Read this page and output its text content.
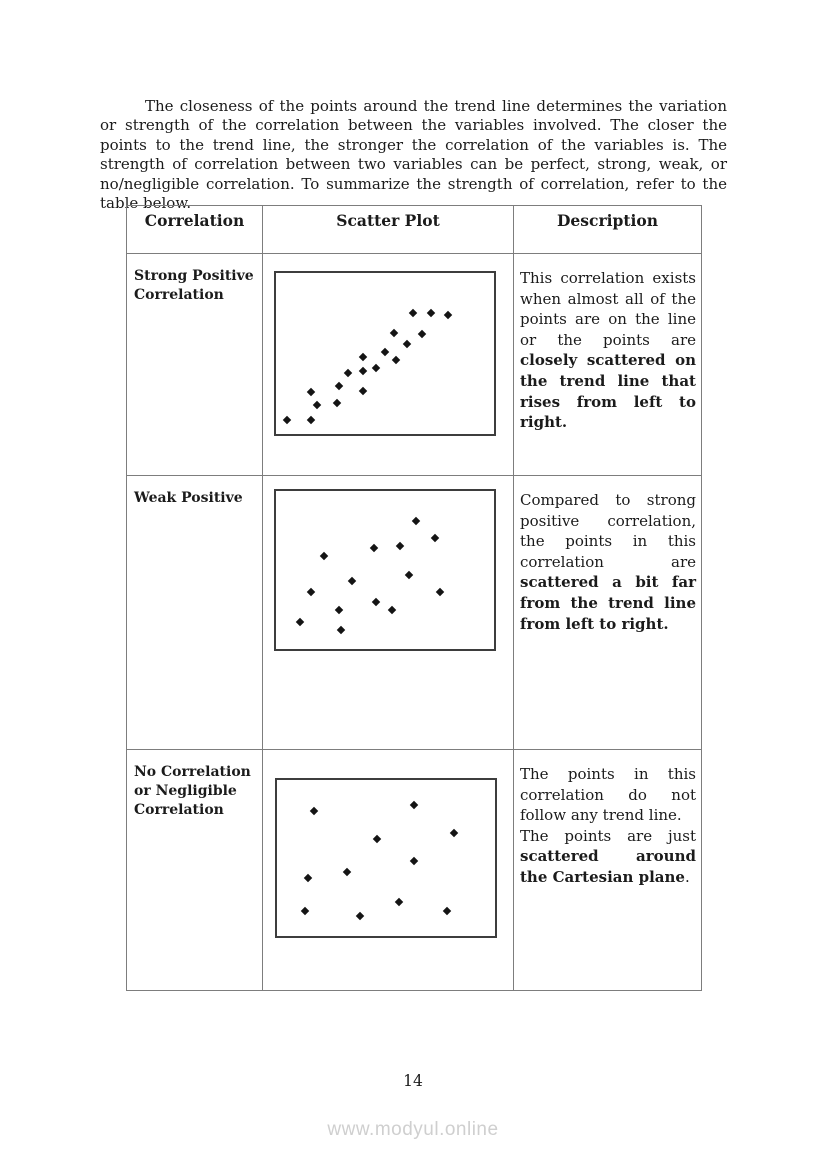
The closeness of the points around the trend line determines the variation or strength of the correlation between the variables involved. The closer the points to the trend line, the stronger the correlation of the variables is. The strength of correlation between two variables can be perfect, strong, weak, or no/negligible correlation. To summarize the strength of correlation, refer to the table below.

Correlation	Scatter Plot	Description
Strong Positive Correlation		This correlation exists when almost all of the points are on the line or the points are closely scattered on the trend line that rises from left to right.
Weak Positive		Compared to strong positive correlation, the points in this correlation are scattered a bit far from the trend line from left to right.
No Correlation or Negligible Correlation		The points in this correlation do not follow any trend line.
The points are just scattered around the Cartesian plane.
14
www.modyul.online
